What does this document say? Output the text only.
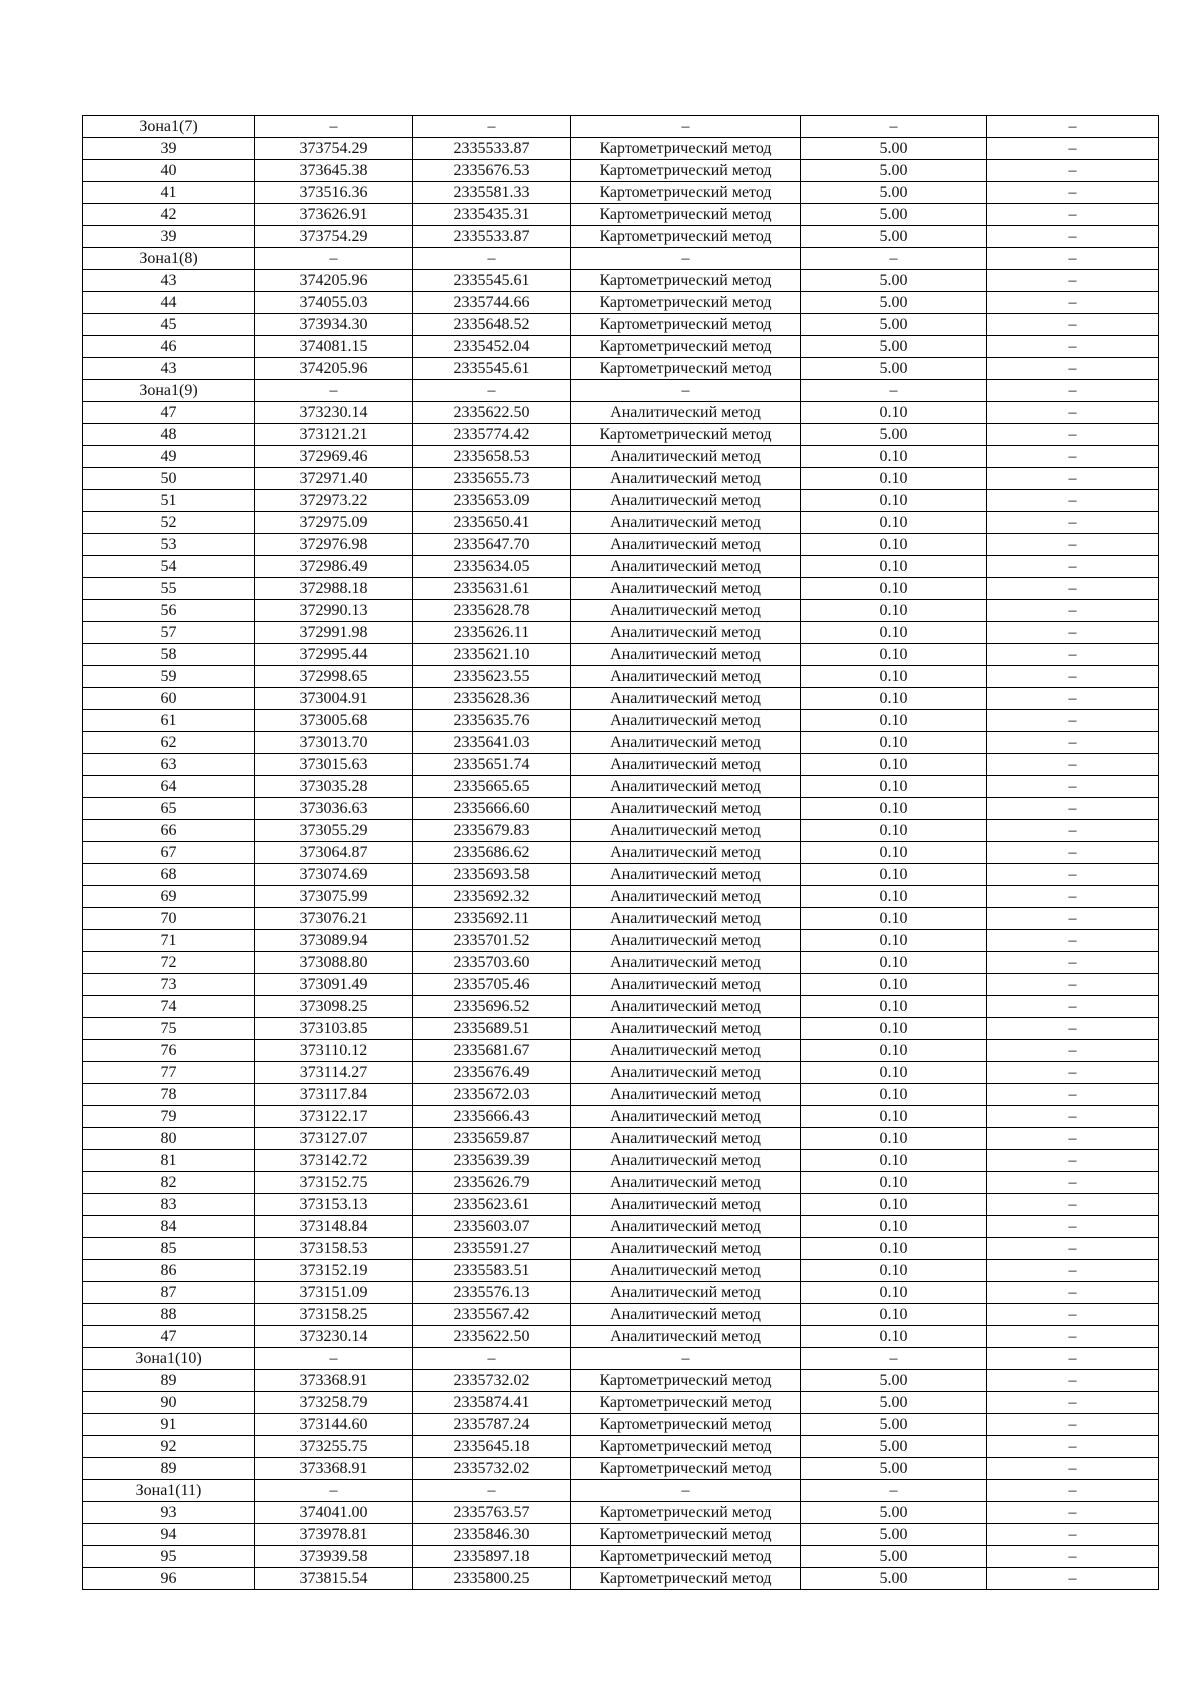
Зона1(7)	–	–	–	–	–
39	373754.29	2335533.87	Картометрический метод	5.00	–
40	373645.38	2335676.53	Картометрический метод	5.00	–
41	373516.36	2335581.33	Картометрический метод	5.00	–
42	373626.91	2335435.31	Картометрический метод	5.00	–
39	373754.29	2335533.87	Картометрический метод	5.00	–
Зона1(8)	–	–	–	–	–
43	374205.96	2335545.61	Картометрический метод	5.00	–
44	374055.03	2335744.66	Картометрический метод	5.00	–
45	373934.30	2335648.52	Картометрический метод	5.00	–
46	374081.15	2335452.04	Картометрический метод	5.00	–
43	374205.96	2335545.61	Картометрический метод	5.00	–
Зона1(9)	–	–	–	–	–
47	373230.14	2335622.50	Аналитический метод	0.10	–
48	373121.21	2335774.42	Картометрический метод	5.00	–
49	372969.46	2335658.53	Аналитический метод	0.10	–
50	372971.40	2335655.73	Аналитический метод	0.10	–
51	372973.22	2335653.09	Аналитический метод	0.10	–
52	372975.09	2335650.41	Аналитический метод	0.10	–
53	372976.98	2335647.70	Аналитический метод	0.10	–
54	372986.49	2335634.05	Аналитический метод	0.10	–
55	372988.18	2335631.61	Аналитический метод	0.10	–
56	372990.13	2335628.78	Аналитический метод	0.10	–
57	372991.98	2335626.11	Аналитический метод	0.10	–
58	372995.44	2335621.10	Аналитический метод	0.10	–
59	372998.65	2335623.55	Аналитический метод	0.10	–
60	373004.91	2335628.36	Аналитический метод	0.10	–
61	373005.68	2335635.76	Аналитический метод	0.10	–
62	373013.70	2335641.03	Аналитический метод	0.10	–
63	373015.63	2335651.74	Аналитический метод	0.10	–
64	373035.28	2335665.65	Аналитический метод	0.10	–
65	373036.63	2335666.60	Аналитический метод	0.10	–
66	373055.29	2335679.83	Аналитический метод	0.10	–
67	373064.87	2335686.62	Аналитический метод	0.10	–
68	373074.69	2335693.58	Аналитический метод	0.10	–
69	373075.99	2335692.32	Аналитический метод	0.10	–
70	373076.21	2335692.11	Аналитический метод	0.10	–
71	373089.94	2335701.52	Аналитический метод	0.10	–
72	373088.80	2335703.60	Аналитический метод	0.10	–
73	373091.49	2335705.46	Аналитический метод	0.10	–
74	373098.25	2335696.52	Аналитический метод	0.10	–
75	373103.85	2335689.51	Аналитический метод	0.10	–
76	373110.12	2335681.67	Аналитический метод	0.10	–
77	373114.27	2335676.49	Аналитический метод	0.10	–
78	373117.84	2335672.03	Аналитический метод	0.10	–
79	373122.17	2335666.43	Аналитический метод	0.10	–
80	373127.07	2335659.87	Аналитический метод	0.10	–
81	373142.72	2335639.39	Аналитический метод	0.10	–
82	373152.75	2335626.79	Аналитический метод	0.10	–
83	373153.13	2335623.61	Аналитический метод	0.10	–
84	373148.84	2335603.07	Аналитический метод	0.10	–
85	373158.53	2335591.27	Аналитический метод	0.10	–
86	373152.19	2335583.51	Аналитический метод	0.10	–
87	373151.09	2335576.13	Аналитический метод	0.10	–
88	373158.25	2335567.42	Аналитический метод	0.10	–
47	373230.14	2335622.50	Аналитический метод	0.10	–
Зона1(10)	–	–	–	–	–
89	373368.91	2335732.02	Картометрический метод	5.00	–
90	373258.79	2335874.41	Картометрический метод	5.00	–
91	373144.60	2335787.24	Картометрический метод	5.00	–
92	373255.75	2335645.18	Картометрический метод	5.00	–
89	373368.91	2335732.02	Картометрический метод	5.00	–
Зона1(11)	–	–	–	–	–
93	374041.00	2335763.57	Картометрический метод	5.00	–
94	373978.81	2335846.30	Картометрический метод	5.00	–
95	373939.58	2335897.18	Картометрический метод	5.00	–
96	373815.54	2335800.25	Картометрический метод	5.00	–
